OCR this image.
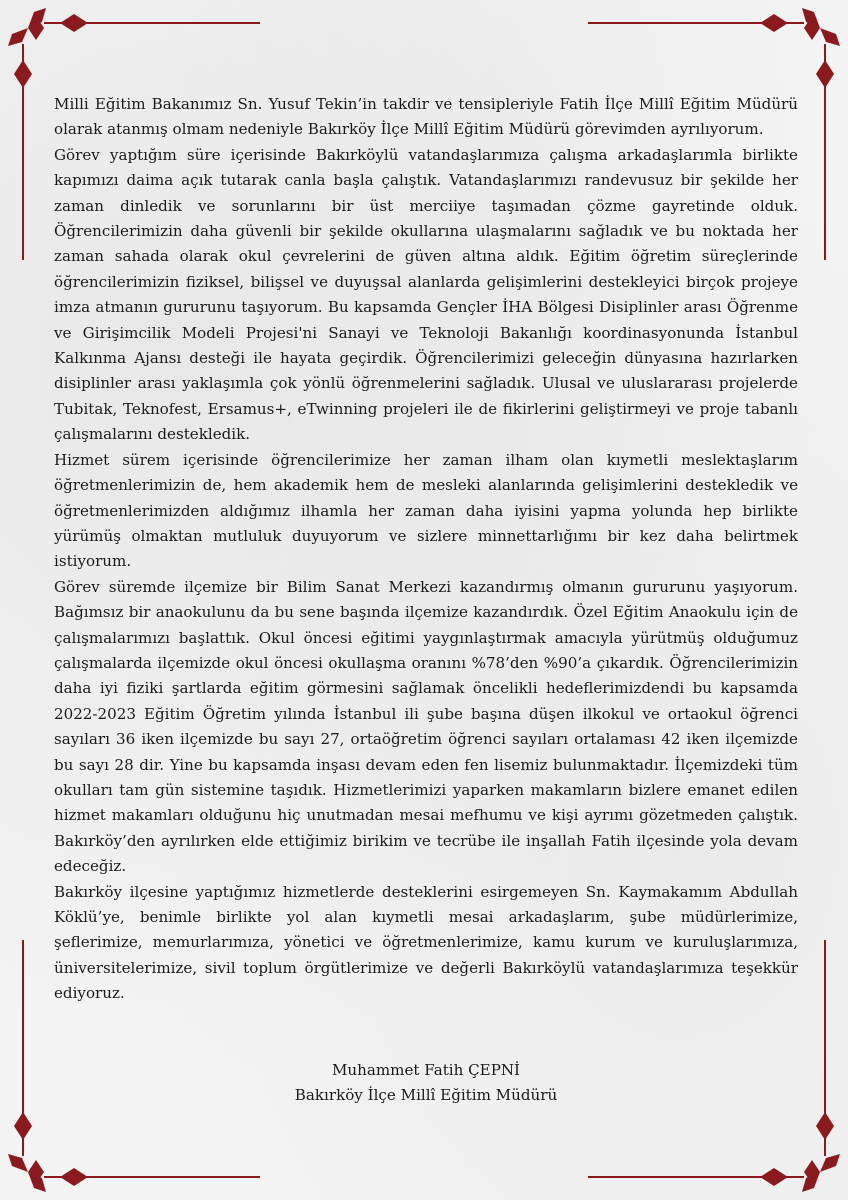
Milli Eğitim Bakanımız Sn. Yusuf Tekin’in takdir ve tensipleriyle Fatih İlçe Millî Eğitim Müdürü olarak atanmış olmam nedeniyle Bakırköy İlçe Millî Eğitim Müdürü görevimden ayrılıyorum.

Görev yaptığım süre içerisinde Bakırköylü vatandaşlarımıza çalışma arkadaşlarımla birlikte kapımızı daima açık tutarak canla başla çalıştık. Vatandaşlarımızı randevusuz bir şekilde her zaman dinledik ve sorunlarını bir üst merciiye taşımadan çözme gayretinde olduk. Öğrencilerimizin daha güvenli bir şekilde okullarına ulaşmalarını sağladık ve bu noktada her zaman sahada olarak okul çevrelerini de güven altına aldık. Eğitim öğretim süreçlerinde öğrencilerimizin fiziksel, bilişsel ve duyuşsal alanlarda gelişimlerini destekleyici birçok projeye imza atmanın gururunu taşıyorum. Bu kapsamda Gençler İHA Bölgesi Disiplinler arası Öğrenme ve Girişimcilik Modeli Projesi'ni Sanayi ve Teknoloji Bakanlığı koordinasyonunda İstanbul Kalkınma Ajansı desteği ile hayata geçirdik. Öğrencilerimizi geleceğin dünyasına hazırlarken disiplinler arası yaklaşımla çok yönlü öğrenmelerini sağladık. Ulusal ve uluslararası projelerde Tubitak, Teknofest, Ersamus+, eTwinning projeleri ile de fikirlerini geliştirmeyi ve proje tabanlı çalışmalarını destekledik.

Hizmet sürem içerisinde öğrencilerimize her zaman ilham olan kıymetli meslektaşlarım öğretmenlerimizin de, hem akademik hem de mesleki alanlarında gelişimlerini destekledik ve öğretmenlerimizden aldığımız ilhamla her zaman daha iyisini yapma yolunda hep birlikte yürümüş olmaktan mutluluk duyuyorum ve sizlere minnettarlığımı bir kez daha belirtmek istiyorum.

Görev süremde ilçemize bir Bilim Sanat Merkezi kazandırmış olmanın gururunu yaşıyorum. Bağımsız bir anaokulunu da bu sene başında ilçemize kazandırdık. Özel Eğitim Anaokulu için de çalışmalarımızı başlattık. Okul öncesi eğitimi yaygınlaştırmak amacıyla yürütmüş olduğumuz çalışmalarda ilçemizde okul öncesi okullaşma oranını %78’den %90’a çıkardık. Öğrencilerimizin daha iyi fiziki şartlarda eğitim görmesini sağlamak öncelikli hedeflerimizdendi bu kapsamda 2022-2023 Eğitim Öğretim yılında İstanbul ili şube başına düşen ilkokul ve ortaokul öğrenci sayıları 36 iken ilçemizde bu sayı 27, ortaöğretim öğrenci sayıları ortalaması 42 iken ilçemizde bu sayı 28 dir. Yine bu kapsamda inşası devam eden fen lisemiz bulunmaktadır. İlçemizdeki tüm okulları tam gün sistemine taşıdık. Hizmetlerimizi yaparken makamların bizlere emanet edilen hizmet makamları olduğunu hiç unutmadan mesai mefhumu ve kişi ayrımı gözetmeden çalıştık. Bakırköy’den ayrılırken elde ettiğimiz birikim ve tecrübe ile inşallah Fatih ilçesinde yola devam edeceğiz.

Bakırköy ilçesine yaptığımız hizmetlerde desteklerini esirgemeyen Sn. Kaymakamım Abdullah Köklü’ye, benimle birlikte yol alan kıymetli mesai arkadaşlarım, şube müdürlerimize, şeflerimize, memurlarımıza, yönetici ve öğretmenlerimize, kamu kurum ve kuruluşlarımıza, üniversitelerimize, sivil toplum örgütlerimize ve değerli Bakırköylü vatandaşlarımıza teşekkür ediyoruz.

Muhammet Fatih ÇEPNİ
Bakırköy İlçe Millî Eğitim Müdürü
